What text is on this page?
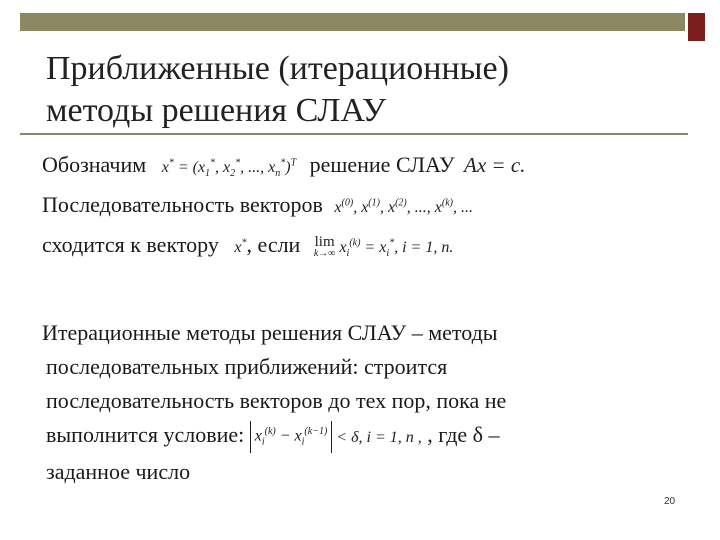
Приближенные (итерационные)
методы решения СЛАУ
Обозначим $x^* = (x_1^*$, $x_2^*$, ..., $x_n^*)^T$ решение СЛАУ Ax = c.
Последовательность векторов $x^{(0)}$, $x^{(1)}$, $x^{(2)}$, ..., $x^{(k)}$, ...
сходится к вектору x*, если lim
k→∞ $x_i^{(k)} = x_i^*$, i = 1, n.
Итерационные методы решения СЛАУ – методы
последовательных приближений: строится
последовательность векторов до тех пор, пока не
выполнится условие: $x_i^{(k)} - x_i^{(k-1)} < \delta$, i = 1, n , , где δ –
заданное число
20
